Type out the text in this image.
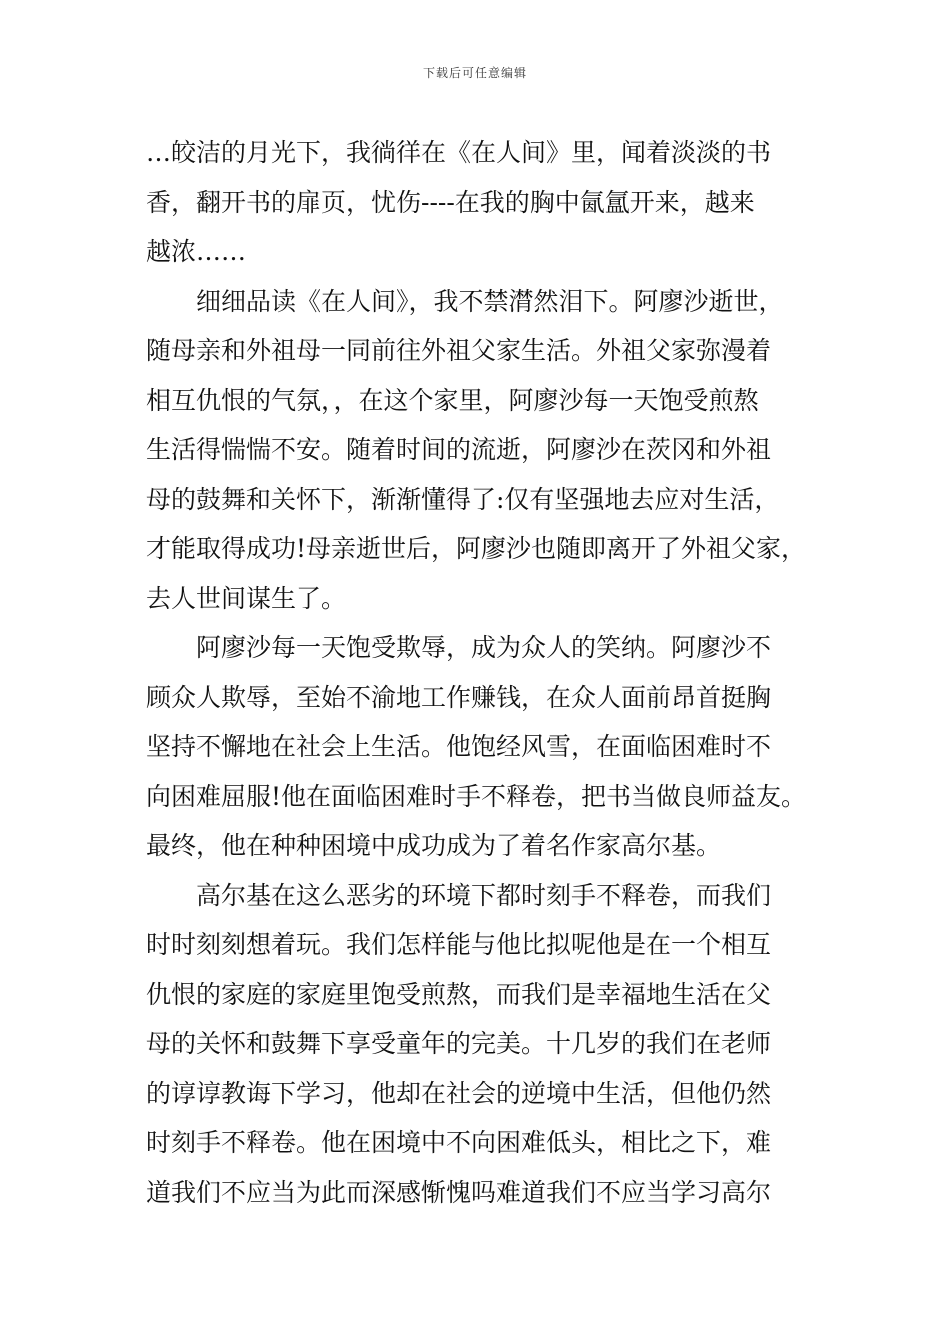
下载后可任意编辑
…皎洁的月光下，我徜徉在《在人间》里，闻着淡淡的书
香，翻开书的扉页，忧伤----在我的胸中氤氲开来，越来
越浓……
细细品读《在人间》，我不禁潸然泪下。阿廖沙逝世，
随母亲和外祖母一同前往外祖父家生活。外祖父家弥漫着
相互仇恨的气氛，，在这个家里，阿廖沙每一天饱受煎熬
生活得惴惴不安。随着时间的流逝，阿廖沙在茨冈和外祖
母的鼓舞和关怀下，渐渐懂得了:仅有坚强地去应对生活，
才能取得成功!母亲逝世后，阿廖沙也随即离开了外祖父家，
去人世间谋生了。
阿廖沙每一天饱受欺辱，成为众人的笑纳。阿廖沙不
顾众人欺辱，至始不渝地工作赚钱，在众人面前昂首挺胸
坚持不懈地在社会上生活。他饱经风雪，在面临困难时不
向困难屈服!他在面临困难时手不释卷，把书当做良师益友。
最终，他在种种困境中成功成为了着名作家高尔基。
高尔基在这么恶劣的环境下都时刻手不释卷，而我们
时时刻刻想着玩。我们怎样能与他比拟呢他是在一个相互
仇恨的家庭的家庭里饱受煎熬，而我们是幸福地生活在父
母的关怀和鼓舞下享受童年的完美。十几岁的我们在老师
的谆谆教诲下学习，他却在社会的逆境中生活，但他仍然
时刻手不释卷。他在困境中不向困难低头，相比之下，难
道我们不应当为此而深感惭愧吗难道我们不应当学习高尔
